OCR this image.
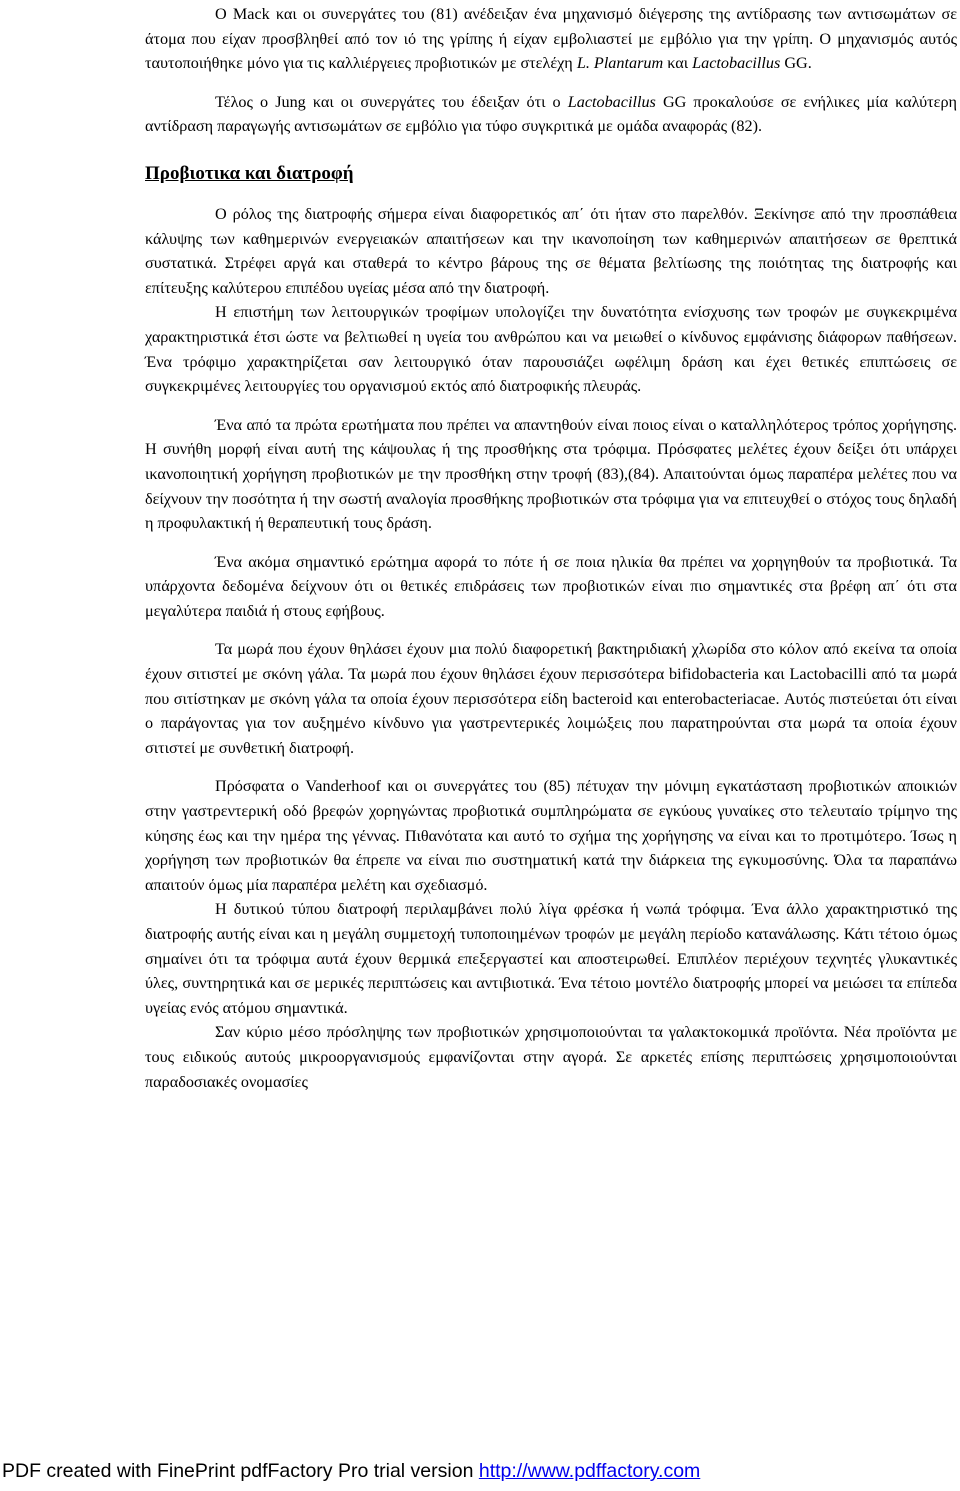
Ο Mack και οι συνεργάτες του (81) ανέδειξαν ένα μηχανισμό διέγερσης της αντίδρασης των αντισωμάτων σε άτομα που είχαν προσβληθεί από τον ιό της γρίπης ή είχαν εμβολιαστεί με εμβόλιο για την γρίπη. Ο μηχανισμός αυτός ταυτοποιήθηκε μόνο για τις καλλιέργειες προβιοτικών με στελέχη L. Plantarum και Lactobacillus GG.

Τέλος ο Jung και οι συνεργάτες του έδειξαν ότι ο Lactobacillus GG προκαλούσε σε ενήλικες μία καλύτερη αντίδραση παραγωγής αντισωμάτων σε εμβόλιο για τύφο συγκριτικά με ομάδα αναφοράς (82).

Προβιοτικα και διατροφή

Ο ρόλος της διατροφής σήμερα είναι διαφορετικός απ΄ ότι ήταν στο παρελθόν. Ξεκίνησε από την προσπάθεια κάλυψης των καθημερινών ενεργειακών απαιτήσεων και την ικανοποίηση των καθημερινών απαιτήσεων σε θρεπτικά συστατικά. Στρέφει αργά και σταθερά το κέντρο βάρους της σε θέματα βελτίωσης της ποιότητας της διατροφής και επίτευξης καλύτερου επιπέδου υγείας μέσα από την διατροφή.

Η επιστήμη των λειτουργικών τροφίμων υπολογίζει την δυνατότητα ενίσχυσης των τροφών με συγκεκριμένα χαρακτηριστικά έτσι ώστε να βελτιωθεί η υγεία του ανθρώπου και να μειωθεί ο κίνδυνος εμφάνισης διάφορων παθήσεων. Ένα τρόφιμο χαρακτηρίζεται σαν λειτουργικό όταν παρουσιάζει ωφέλιμη δράση και έχει θετικές επιπτώσεις σε συγκεκριμένες λειτουργίες του οργανισμού εκτός από διατροφικής πλευράς.

Ένα από τα πρώτα ερωτήματα που πρέπει να απαντηθούν είναι ποιος είναι ο καταλληλότερος τρόπος χορήγησης. Η συνήθη μορφή είναι αυτή της κάψουλας ή της προσθήκης στα τρόφιμα. Πρόσφατες μελέτες έχουν δείξει ότι υπάρχει ικανοποιητική χορήγηση προβιοτικών με την προσθήκη στην τροφή (83),(84). Απαιτούνται όμως παραπέρα μελέτες που να δείχνουν την ποσότητα ή την σωστή αναλογία προσθήκης προβιοτικών στα τρόφιμα για να επιτευχθεί ο στόχος τους δηλαδή η προφυλακτική ή θεραπευτική τους δράση.

Ένα ακόμα σημαντικό ερώτημα αφορά το πότε ή σε ποια ηλικία θα πρέπει να χορηγηθούν τα προβιοτικά. Τα υπάρχοντα δεδομένα δείχνουν ότι οι θετικές επιδράσεις των προβιοτικών είναι πιο σημαντικές στα βρέφη απ΄ ότι στα μεγαλύτερα παιδιά ή στους εφήβους.

Τα μωρά που έχουν θηλάσει έχουν μια πολύ διαφορετική βακτηριδιακή χλωρίδα στο κόλον από εκείνα τα οποία έχουν σιτιστεί με σκόνη γάλα. Τα μωρά που έχουν θηλάσει έχουν περισσότερα bifidobacteria και Lactobacilli από τα μωρά που σιτίστηκαν με σκόνη γάλα τα οποία έχουν περισσότερα είδη bacteroid και enterobacteriacae. Αυτός πιστεύεται ότι είναι ο παράγοντας για τον αυξημένο κίνδυνο για γαστρεντερικές λοιμώξεις που παρατηρούνται στα μωρά τα οποία έχουν σιτιστεί με συνθετική διατροφή.

Πρόσφατα ο Vanderhoof και οι συνεργάτες του (85) πέτυχαν την μόνιμη εγκατάσταση προβιοτικών αποικιών στην γαστρεντερική οδό βρεφών χορηγώντας προβιοτικά συμπληρώματα σε εγκύους γυναίκες στο τελευταίο τρίμηνο της κύησης έως και την ημέρα της γέννας. Πιθανότατα και αυτό το σχήμα της χορήγησης να είναι και το προτιμότερο. Ίσως η χορήγηση των προβιοτικών θα έπρεπε να είναι πιο συστηματική κατά την διάρκεια της εγκυμοσύνης. Όλα τα παραπάνω απαιτούν όμως μία παραπέρα μελέτη και σχεδιασμό.

Η δυτικού τύπου διατροφή περιλαμβάνει πολύ λίγα φρέσκα ή νωπά τρόφιμα. Ένα άλλο χαρακτηριστικό της διατροφής αυτής είναι και η μεγάλη συμμετοχή τυποποιημένων τροφών με μεγάλη περίοδο κατανάλωσης. Κάτι τέτοιο όμως σημαίνει ότι τα τρόφιμα αυτά έχουν θερμικά επεξεργαστεί και αποστειρωθεί. Επιπλέον περιέχουν τεχνητές γλυκαντικές ύλες, συντηρητικά και σε μερικές περιπτώσεις και αντιβιοτικά. Ένα τέτοιο μοντέλο διατροφής μπορεί να μειώσει τα επίπεδα υγείας ενός ατόμου σημαντικά.

Σαν κύριο μέσο πρόσληψης των προβιοτικών χρησιμοποιούνται τα γαλακτοκομικά προϊόντα. Νέα προϊόντα με τους ειδικούς αυτούς μικροοργανισμούς εμφανίζονται στην αγορά. Σε αρκετές επίσης περιπτώσεις χρησιμοποιούνται παραδοσιακές ονομασίες

PDF created with FinePrint pdfFactory Pro trial version http://www.pdffactory.com
